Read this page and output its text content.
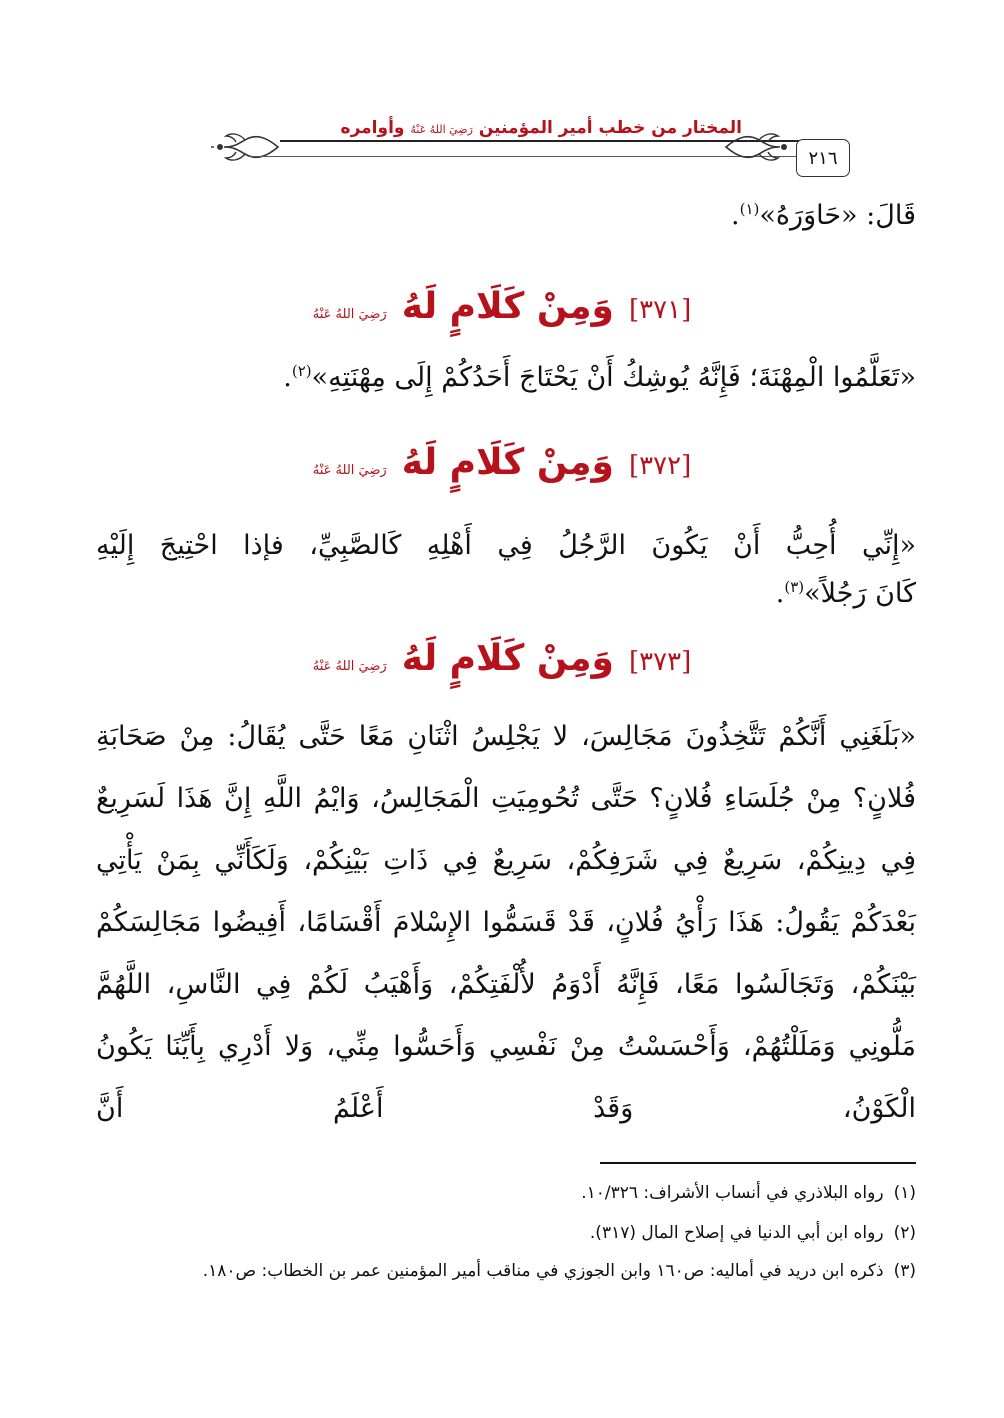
المختار من خطب أمير المؤمنين رَضِيَ اللهُ عَنْهُ وأوامره
٢١٦
قَالَ: «حَاوَرَهُ»$^{(١)}$.
[٣٧١] وَمِنْ كَلَامٍ لَهُ رَضِيَ اللهُ عَنْهُ
«تَعَلَّمُوا الْمِهْنَةَ؛ فَإِنَّهُ يُوشِكُ أَنْ يَحْتَاجَ أَحَدُكُمْ إِلَى مِهْنَتِهِ»$^{(٢)}$.
[٣٧٢] وَمِنْ كَلَامٍ لَهُ رَضِيَ اللهُ عَنْهُ
«إِنِّي أُحِبُّ أَنْ يَكُونَ الرَّجُلُ فِي أَهْلِهِ كَالصَّبِيِّ، فإذا احْتِيجَ إِلَيْهِ
كَانَ رَجُلاً»$^{(٣)}$.
[٣٧٣] وَمِنْ كَلَامٍ لَهُ رَضِيَ اللهُ عَنْهُ
«بَلَغَنِي أَنَّكُمْ تَتَّخِذُونَ مَجَالِسَ، لا يَجْلِسُ اثْنَانِ مَعًا حَتَّى يُقَالُ: مِنْ صَحَابَةِ فُلانٍ؟ مِنْ جُلَسَاءِ فُلانٍ؟ حَتَّى تُحُومِيَتِ الْمَجَالِسُ، وَايْمُ اللَّهِ إِنَّ هَذَا لَسَرِيعٌ فِي دِينِكُمْ، سَرِيعٌ فِي شَرَفِكُمْ، سَرِيعٌ فِي ذَاتِ بَيْنِكُمْ، وَلَكَأَنِّي بِمَنْ يَأْتِي بَعْدَكُمْ يَقُولُ: هَذَا رَأْيُ فُلانٍ، قَدْ قَسَمُّوا الإِسْلامَ أَقْسَامًا، أَفِيضُوا مَجَالِسَكُمْ بَيْنَكُمْ، وَتَجَالَسُوا مَعًا، فَإِنَّهُ أَدْوَمُ لأُلْفَتِكُمْ، وَأَهْيَبُ لَكُمْ فِي النَّاسِ، اللَّهُمَّ مَلُّونِي وَمَلَلْتُهُمْ، وَأَحْسَسْتُ مِنْ نَفْسِي وَأَحَسُّوا مِنِّي، وَلا أَدْرِي بِأَيِّنَا يَكُونُ الْكَوْنُ، وَقَدْ أَعْلَمُ أَنَّ
(١)رواه البلاذري في أنساب الأشراف: ١٠/٣٢٦.
(٢)رواه ابن أبي الدنيا في إصلاح المال (٣١٧).
(٣)ذكره ابن دريد في أماليه: ص١٦٠ وابن الجوزي في مناقب أمير المؤمنين عمر بن الخطاب: ص١٨٠.
